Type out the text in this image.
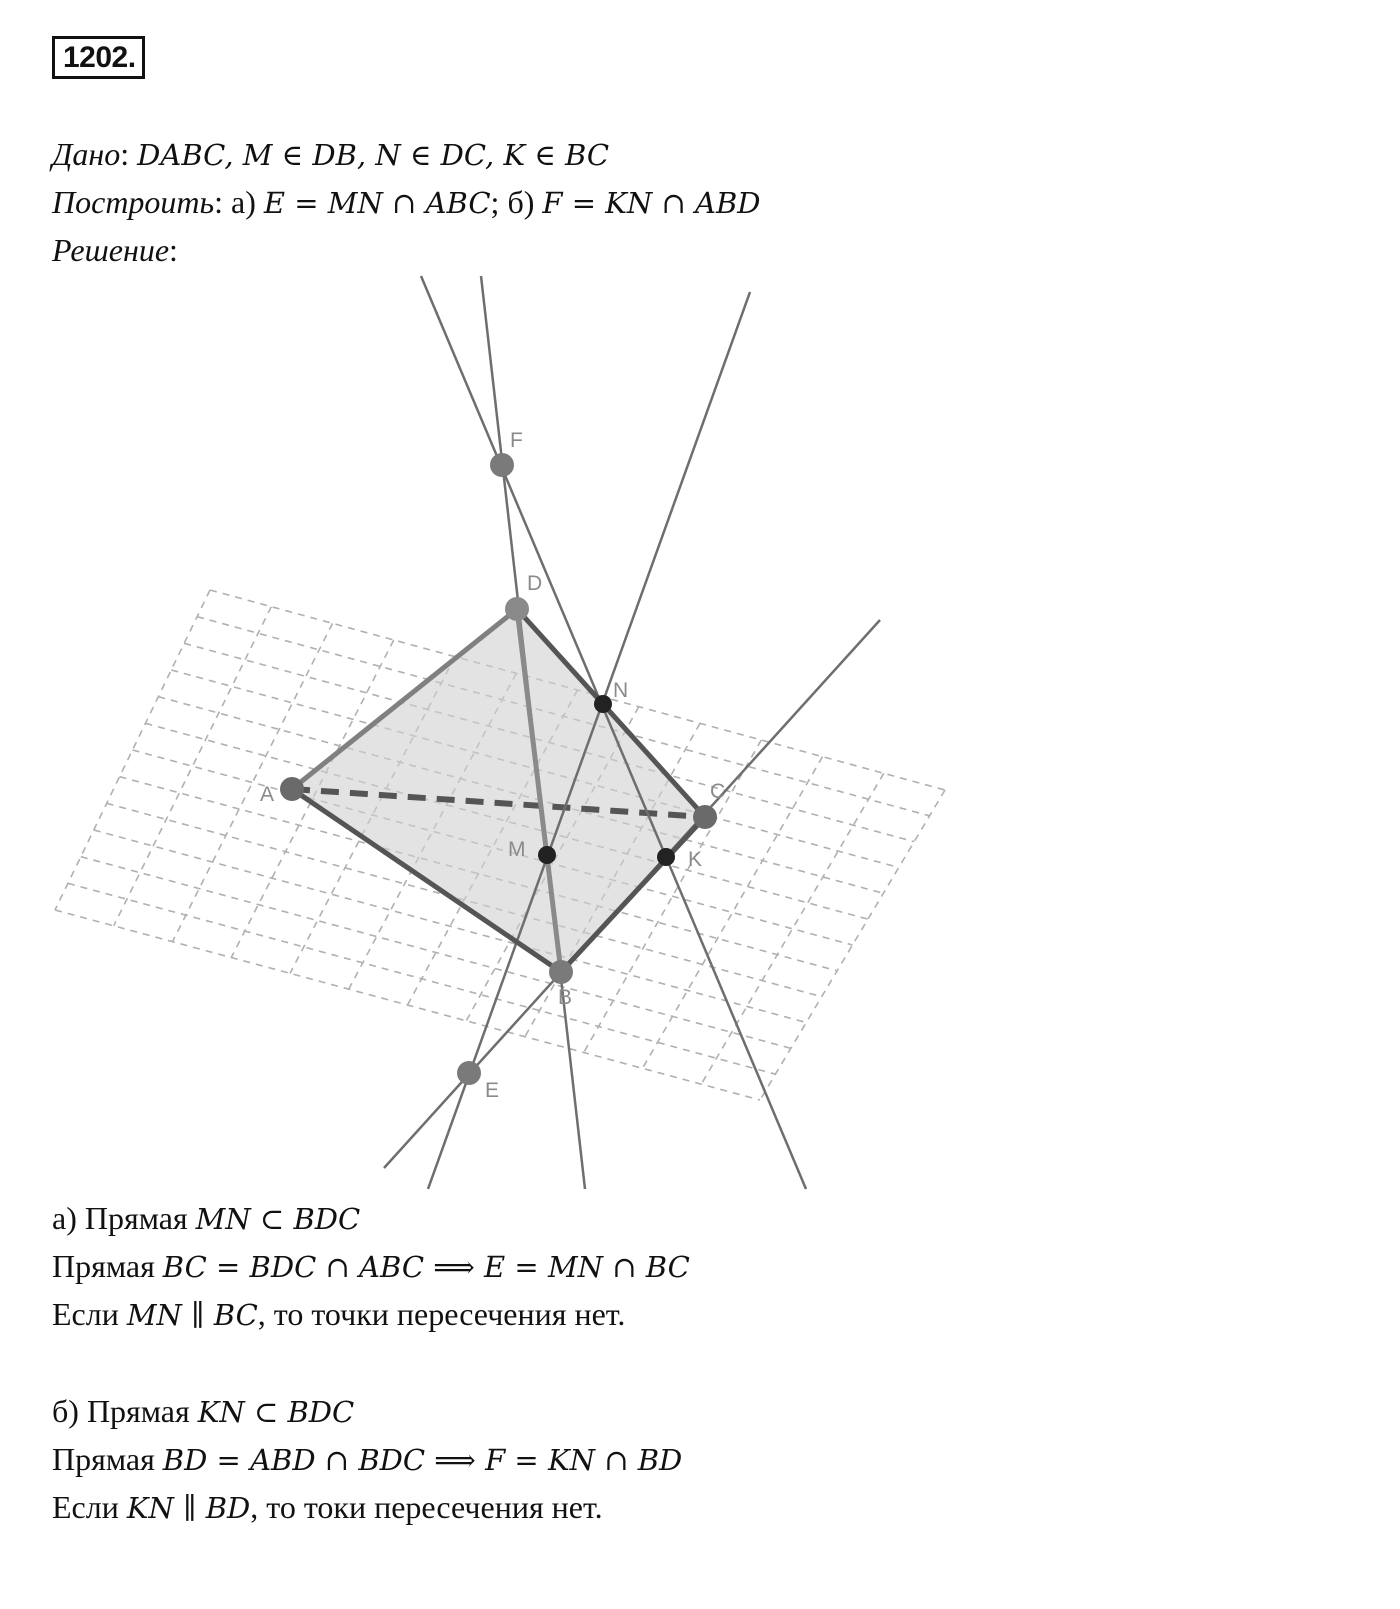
1202.
Дано: DABC, M ∈ DB, N ∈ DC, K ∈ BC
Построить: а) E = MN ∩ ABC; б) F = KN ∩ ABD
Решение:
F
D
A	C
B
E
N
M	K
а) Прямая MN ⊂ BDC
Прямая BC = BDC ∩ ABC ⟹ E = MN ∩ BC
Если MN ∥ BC, то точки пересечения нет.
б) Прямая KN ⊂ BDC
Прямая BD = ABD ∩ BDC ⟹ F = KN ∩ BD
Если KN ∥ BD, то токи пересечения нет.
